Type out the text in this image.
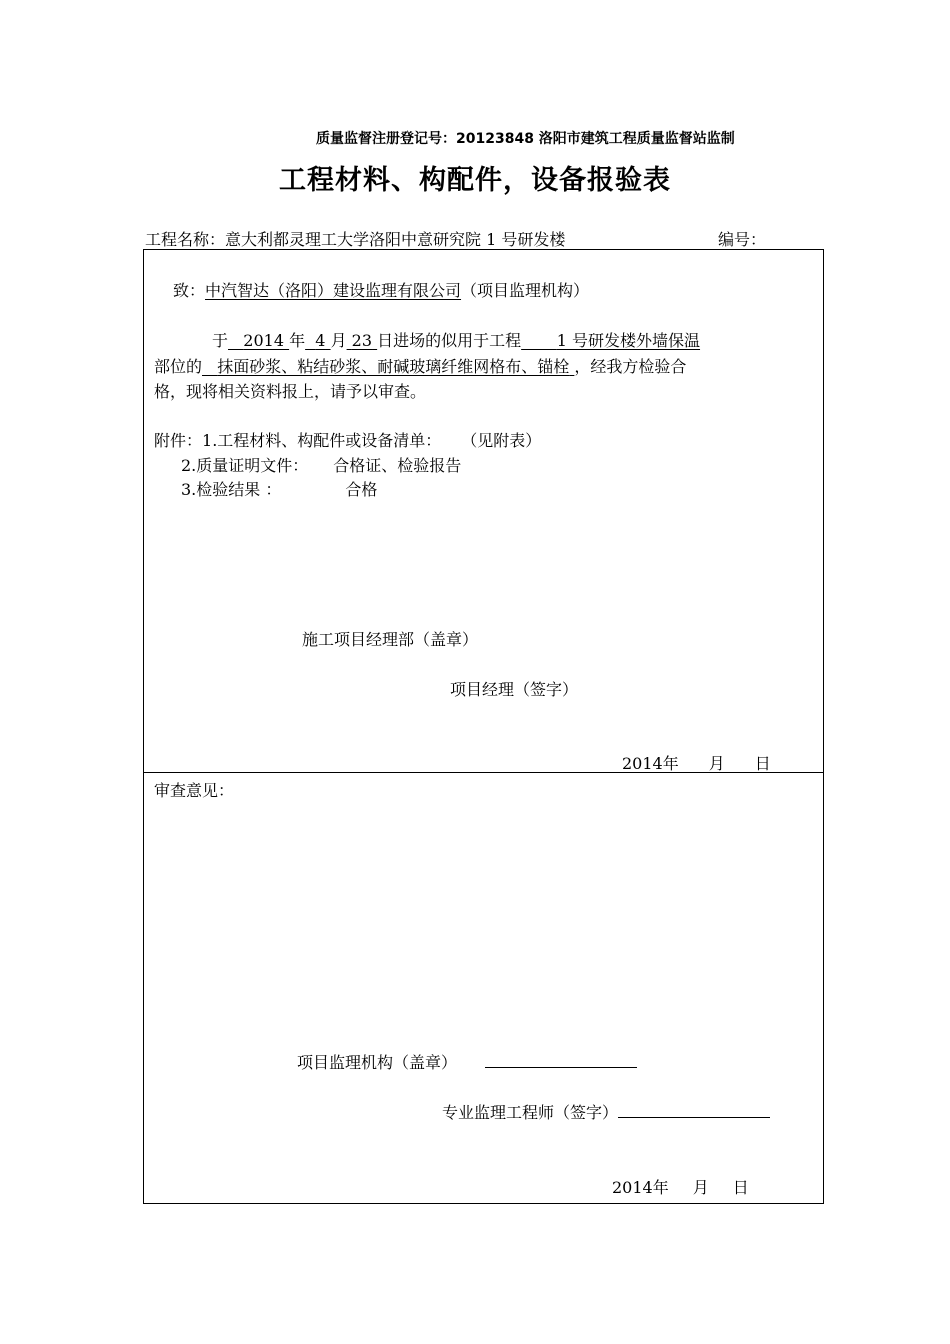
质量监督注册登记号：20123848 洛阳市建筑工程质量监督站监制
工程材料、构配件，设备报验表
工程名称：意大利都灵理工大学洛阳中意研究院 1 号研发楼	编号：
致：中汽智达（洛阳）建设监理有限公司（项目监理机构）
于 2014 年 4 月 23 日进场的似用于工程 1 号研发楼外墙保温
部位的 抹面砂浆、粘结砂浆、耐碱玻璃纤维网格布、锚栓 ，经我方检验合
格，现将相关资料报上，请予以审查。
附件：1.工程材料、构配件或设备清单： （见附表）
2.质量证明文件： 合格证、检验报告
3.检验结果 ：	合格
施工项目经理部（盖章）
项目经理（签字）
2014年 月 日
审查意见：
项目监理机构（盖章）
专业监理工程师（签字）
2014年 月 日
